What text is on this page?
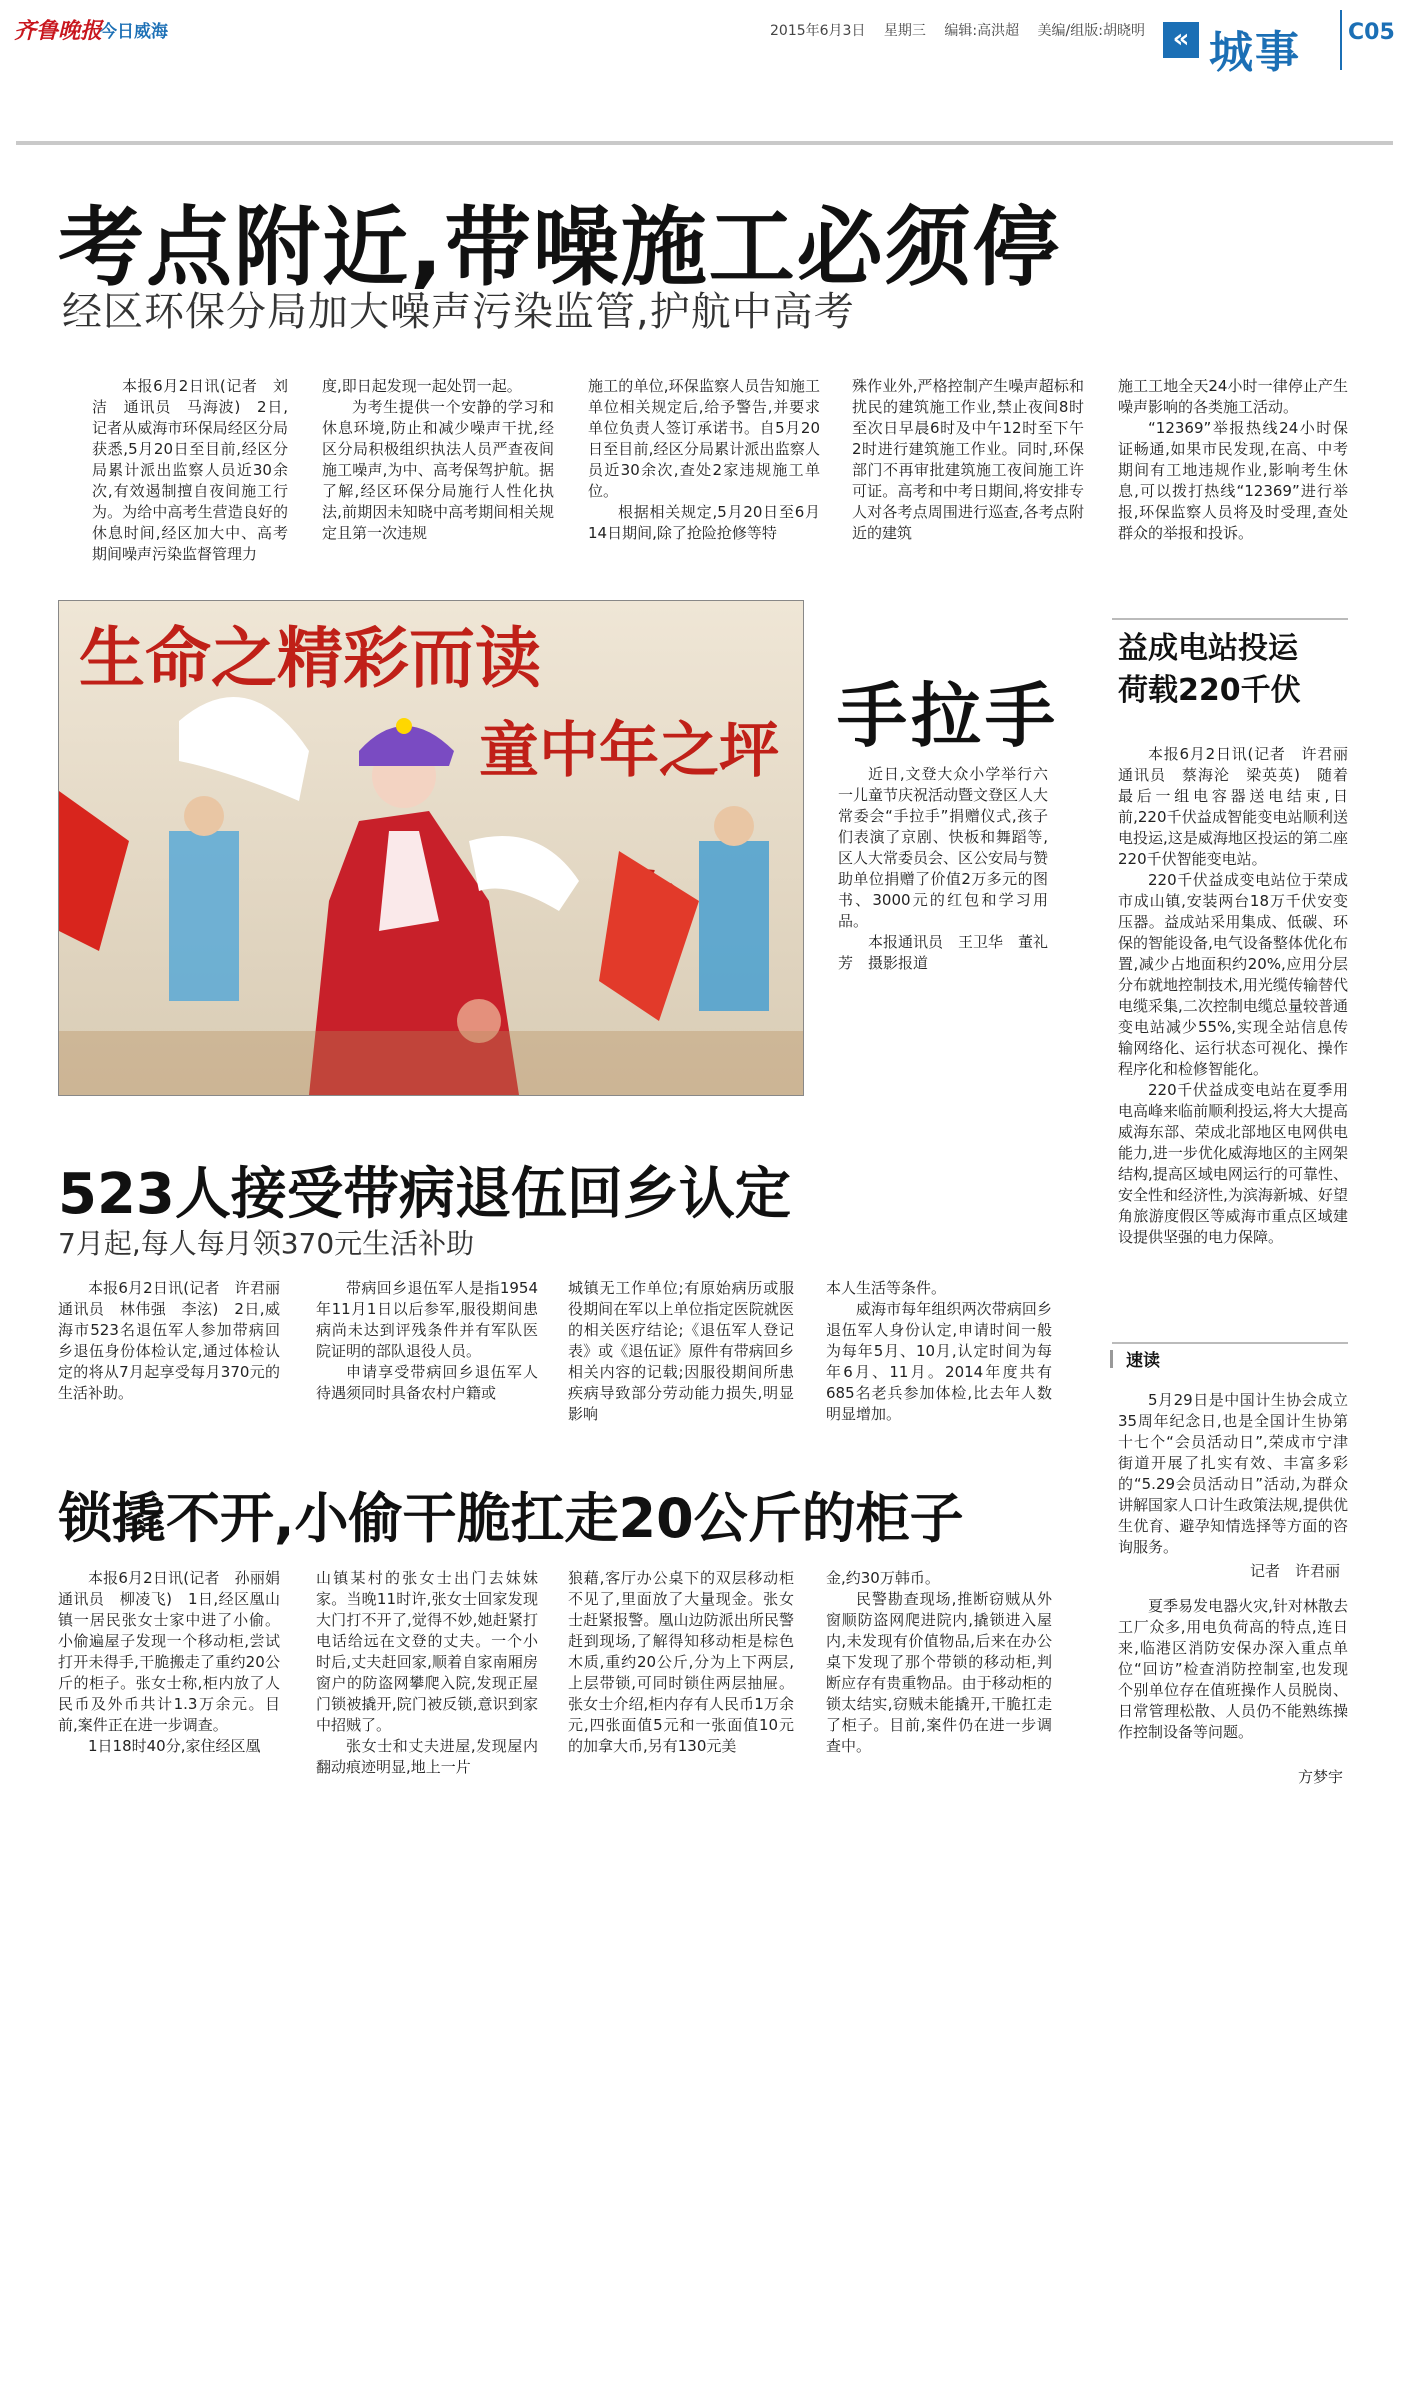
齐鲁晚报
今日威海	2015年6月3日 星期三 编辑:高洪超 美编/组版:胡晓明	« 城事 C05
考点附近,带噪施工必须停
经区环保分局加大噪声污染监管,护航中高考

本报6月2日讯(记者　刘洁　通讯员　马海波)　2日,记者从威海市环保局经区分局获悉,5月20日至目前,经区分局累计派出监察人员近30余次,有效遏制擅自夜间施工行为。为给中高考生营造良好的休息时间,经区加大中、高考期间噪声污染监督管理力

度,即日起发现一起处罚一起。

为考生提供一个安静的学习和休息环境,防止和减少噪声干扰,经区分局积极组织执法人员严查夜间施工噪声,为中、高考保驾护航。据了解,经区环保分局施行人性化执法,前期因未知晓中高考期间相关规定且第一次违规

施工的单位,环保监察人员告知施工单位相关规定后,给予警告,并要求单位负责人签订承诺书。自5月20日至目前,经区分局累计派出监察人员近30余次,查处2家违规施工单位。

根据相关规定,5月20日至6月14日期间,除了抢险抢修等特

殊作业外,严格控制产生噪声超标和扰民的建筑施工作业,禁止夜间8时至次日早晨6时及中午12时至下午2时进行建筑施工作业。同时,环保部门不再审批建筑施工夜间施工许可证。高考和中考日期间,将安排专人对各考点周围进行巡查,各考点附近的建筑

施工工地全天24小时一律停止产生噪声影响的各类施工活动。

“12369”举报热线24小时保证畅通,如果市民发现,在高、中考期间有工地违规作业,影响考生休息,可以拨打热线“12369”进行举报,环保监察人员将及时受理,查处群众的举报和投诉。

生命之精彩而读
童中年之坪 手拉手

近日,文登大众小学举行六一儿童节庆祝活动暨文登区人大常委会“手拉手”捐赠仪式,孩子们表演了京剧、快板和舞蹈等,区人大常委员会、区公安局与赞助单位捐赠了价值2万多元的图书、3000元的红包和学习用品。

本报通讯员　王卫华　董礼芳　摄影报道

益成电站投运
荷载220千伏

本报6月2日讯(记者　许君丽　通讯员　蔡海沦　梁英英)　随着最后一组电容器送电结束,日前,220千伏益成智能变电站顺利送电投运,这是威海地区投运的第二座220千伏智能变电站。

220千伏益成变电站位于荣成市成山镇,安装两台18万千伏安变压器。益成站采用集成、低碳、环保的智能设备,电气设备整体优化布置,减少占地面积约20%,应用分层分布就地控制技术,用光缆传输替代电缆采集,二次控制电缆总量较普通变电站减少55%,实现全站信息传输网络化、运行状态可视化、操作程序化和检修智能化。

220千伏益成变电站在夏季用电高峰来临前顺利投运,将大大提高威海东部、荣成北部地区电网供电能力,进一步优化威海地区的主网架结构,提高区域电网运行的可靠性、安全性和经济性,为滨海新城、好望角旅游度假区等威海市重点区域建设提供坚强的电力保障。

速读

5月29日是中国计生协会成立35周年纪念日,也是全国计生协第十七个“会员活动日”,荣成市宁津街道开展了扎实有效、丰富多彩的“5.29会员活动日”活动,为群众讲解国家人口计生政策法规,提供优生优育、避孕知情选择等方面的咨询服务。

记者　许君丽

夏季易发电器火灾,针对林散去工厂众多,用电负荷高的特点,连日来,临港区消防安保办深入重点单位“回访”检查消防控制室,也发现个别单位存在值班操作人员脱岗、日常管理松散、人员仍不能熟练操作控制设备等问题。

方梦宇
523人接受带病退伍回乡认定
7月起,每人每月领370元生活补助

本报6月2日讯(记者　许君丽　通讯员　林伟强　李泫)　2日,威海市523名退伍军人参加带病回乡退伍身份体检认定,通过体检认定的将从7月起享受每月370元的生活补助。

带病回乡退伍军人是指1954年11月1日以后参军,服役期间患病尚未达到评残条件并有军队医院证明的部队退役人员。

申请享受带病回乡退伍军人待遇须同时具备农村户籍或

城镇无工作单位;有原始病历或服役期间在军以上单位指定医院就医的相关医疗结论;《退伍军人登记表》或《退伍证》原件有带病回乡相关内容的记载;因服役期间所患疾病导致部分劳动能力损失,明显影响

本人生活等条件。

威海市每年组织两次带病回乡退伍军人身份认定,申请时间一般为每年5月、10月,认定时间为每年6月、11月。2014年度共有685名老兵参加体检,比去年人数明显增加。

锁撬不开,小偷干脆扛走20公斤的柜子

本报6月2日讯(记者　孙丽娟　通讯员　柳凌飞)　1日,经区凰山镇一居民张女士家中进了小偷。小偷遍屋子发现一个移动柜,尝试打开未得手,干脆搬走了重约20公斤的柜子。张女士称,柜内放了人民币及外币共计1.3万余元。目前,案件正在进一步调查。

1日18时40分,家住经区凰

山镇某村的张女士出门去妹妹家。当晚11时许,张女士回家发现大门打不开了,觉得不妙,她赶紧打电话给远在文登的丈夫。一个小时后,丈夫赶回家,顺着自家南厢房窗户的防盗网攀爬入院,发现正屋门锁被撬开,院门被反锁,意识到家中招贼了。

张女士和丈夫进屋,发现屋内翻动痕迹明显,地上一片

狼藉,客厅办公桌下的双层移动柜不见了,里面放了大量现金。张女士赶紧报警。凰山边防派出所民警赶到现场,了解得知移动柜是棕色木质,重约20公斤,分为上下两层,上层带锁,可同时锁住两层抽屉。张女士介绍,柜内存有人民币1万余元,四张面值5元和一张面值10元的加拿大币,另有130元美

金,约30万韩币。

民警勘查现场,推断窃贼从外窗顺防盗网爬进院内,撬锁进入屋内,未发现有价值物品,后来在办公桌下发现了那个带锁的移动柜,判断应存有贵重物品。由于移动柜的锁太结实,窃贼未能撬开,干脆扛走了柜子。目前,案件仍在进一步调查中。
